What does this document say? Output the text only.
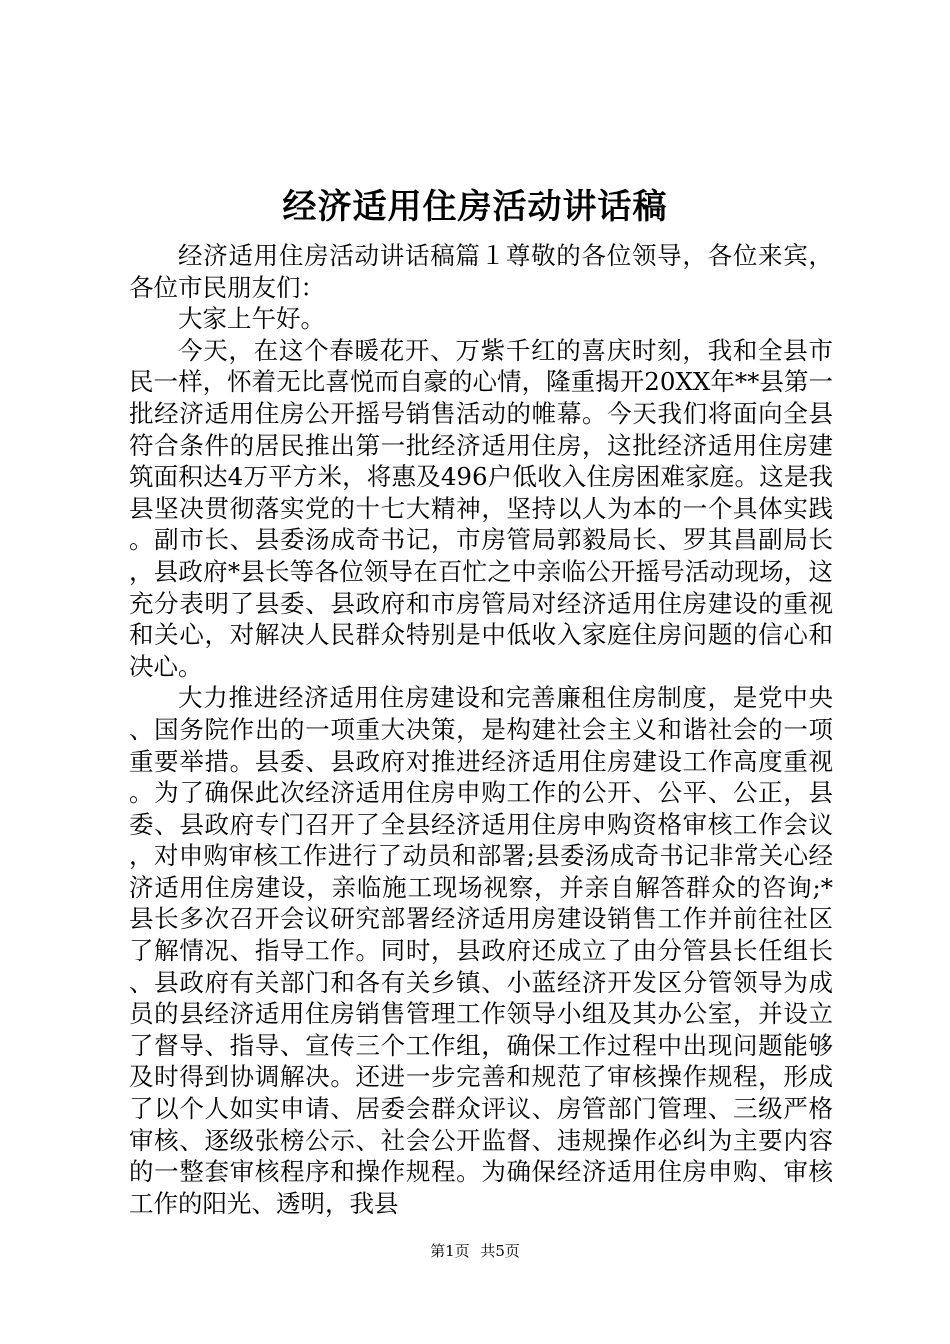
经济适用住房活动讲话稿

经济适用住房活动讲话稿篇１尊敬的各位领导，各位来宾，各位市民朋友们：

大家上午好。

今天，在这个春暖花开、万紫千红的喜庆时刻，我和全县市民一样，怀着无比喜悦而自豪的心情，隆重揭开20XX年**县第一批经济适用住房公开摇号销售活动的帷幕。今天我们将面向全县符合条件的居民推出第一批经济适用住房，这批经济适用住房建筑面积达4万平方米，将惠及496户低收入住房困难家庭。这是我县坚决贯彻落实党的十七大精神，坚持以人为本的一个具体实践。副市长、县委汤成奇书记，市房管局郭毅局长、罗其昌副局长，县政府*县长等各位领导在百忙之中亲临公开摇号活动现场，这充分表明了县委、县政府和市房管局对经济适用住房建设的重视和关心，对解决人民群众特别是中低收入家庭住房问题的信心和决心。

大力推进经济适用住房建设和完善廉租住房制度，是党中央、国务院作出的一项重大决策，是构建社会主义和谐社会的一项重要举措。县委、县政府对推进经济适用住房建设工作高度重视。为了确保此次经济适用住房申购工作的公开、公平、公正，县委、县政府专门召开了全县经济适用住房申购资格审核工作会议，对申购审核工作进行了动员和部署;县委汤成奇书记非常关心经济适用住房建设，亲临施工现场视察，并亲自解答群众的咨询;*县长多次召开会议研究部署经济适用房建设销售工作并前往社区了解情况、指导工作。同时，县政府还成立了由分管县长任组长、县政府有关部门和各有关乡镇、小蓝经济开发区分管领导为成员的县经济适用住房销售管理工作领导小组及其办公室，并设立了督导、指导、宣传三个工作组，确保工作过程中出现问题能够及时得到协调解决。还进一步完善和规范了审核操作规程，形成了以个人如实申请、居委会群众评议、房管部门管理、三级严格审核、逐级张榜公示、社会公开监督、违规操作必纠为主要内容的一整套审核程序和操作规程。为确保经济适用住房申购、审核工作的阳光、透明，我县

第1页 共5页
